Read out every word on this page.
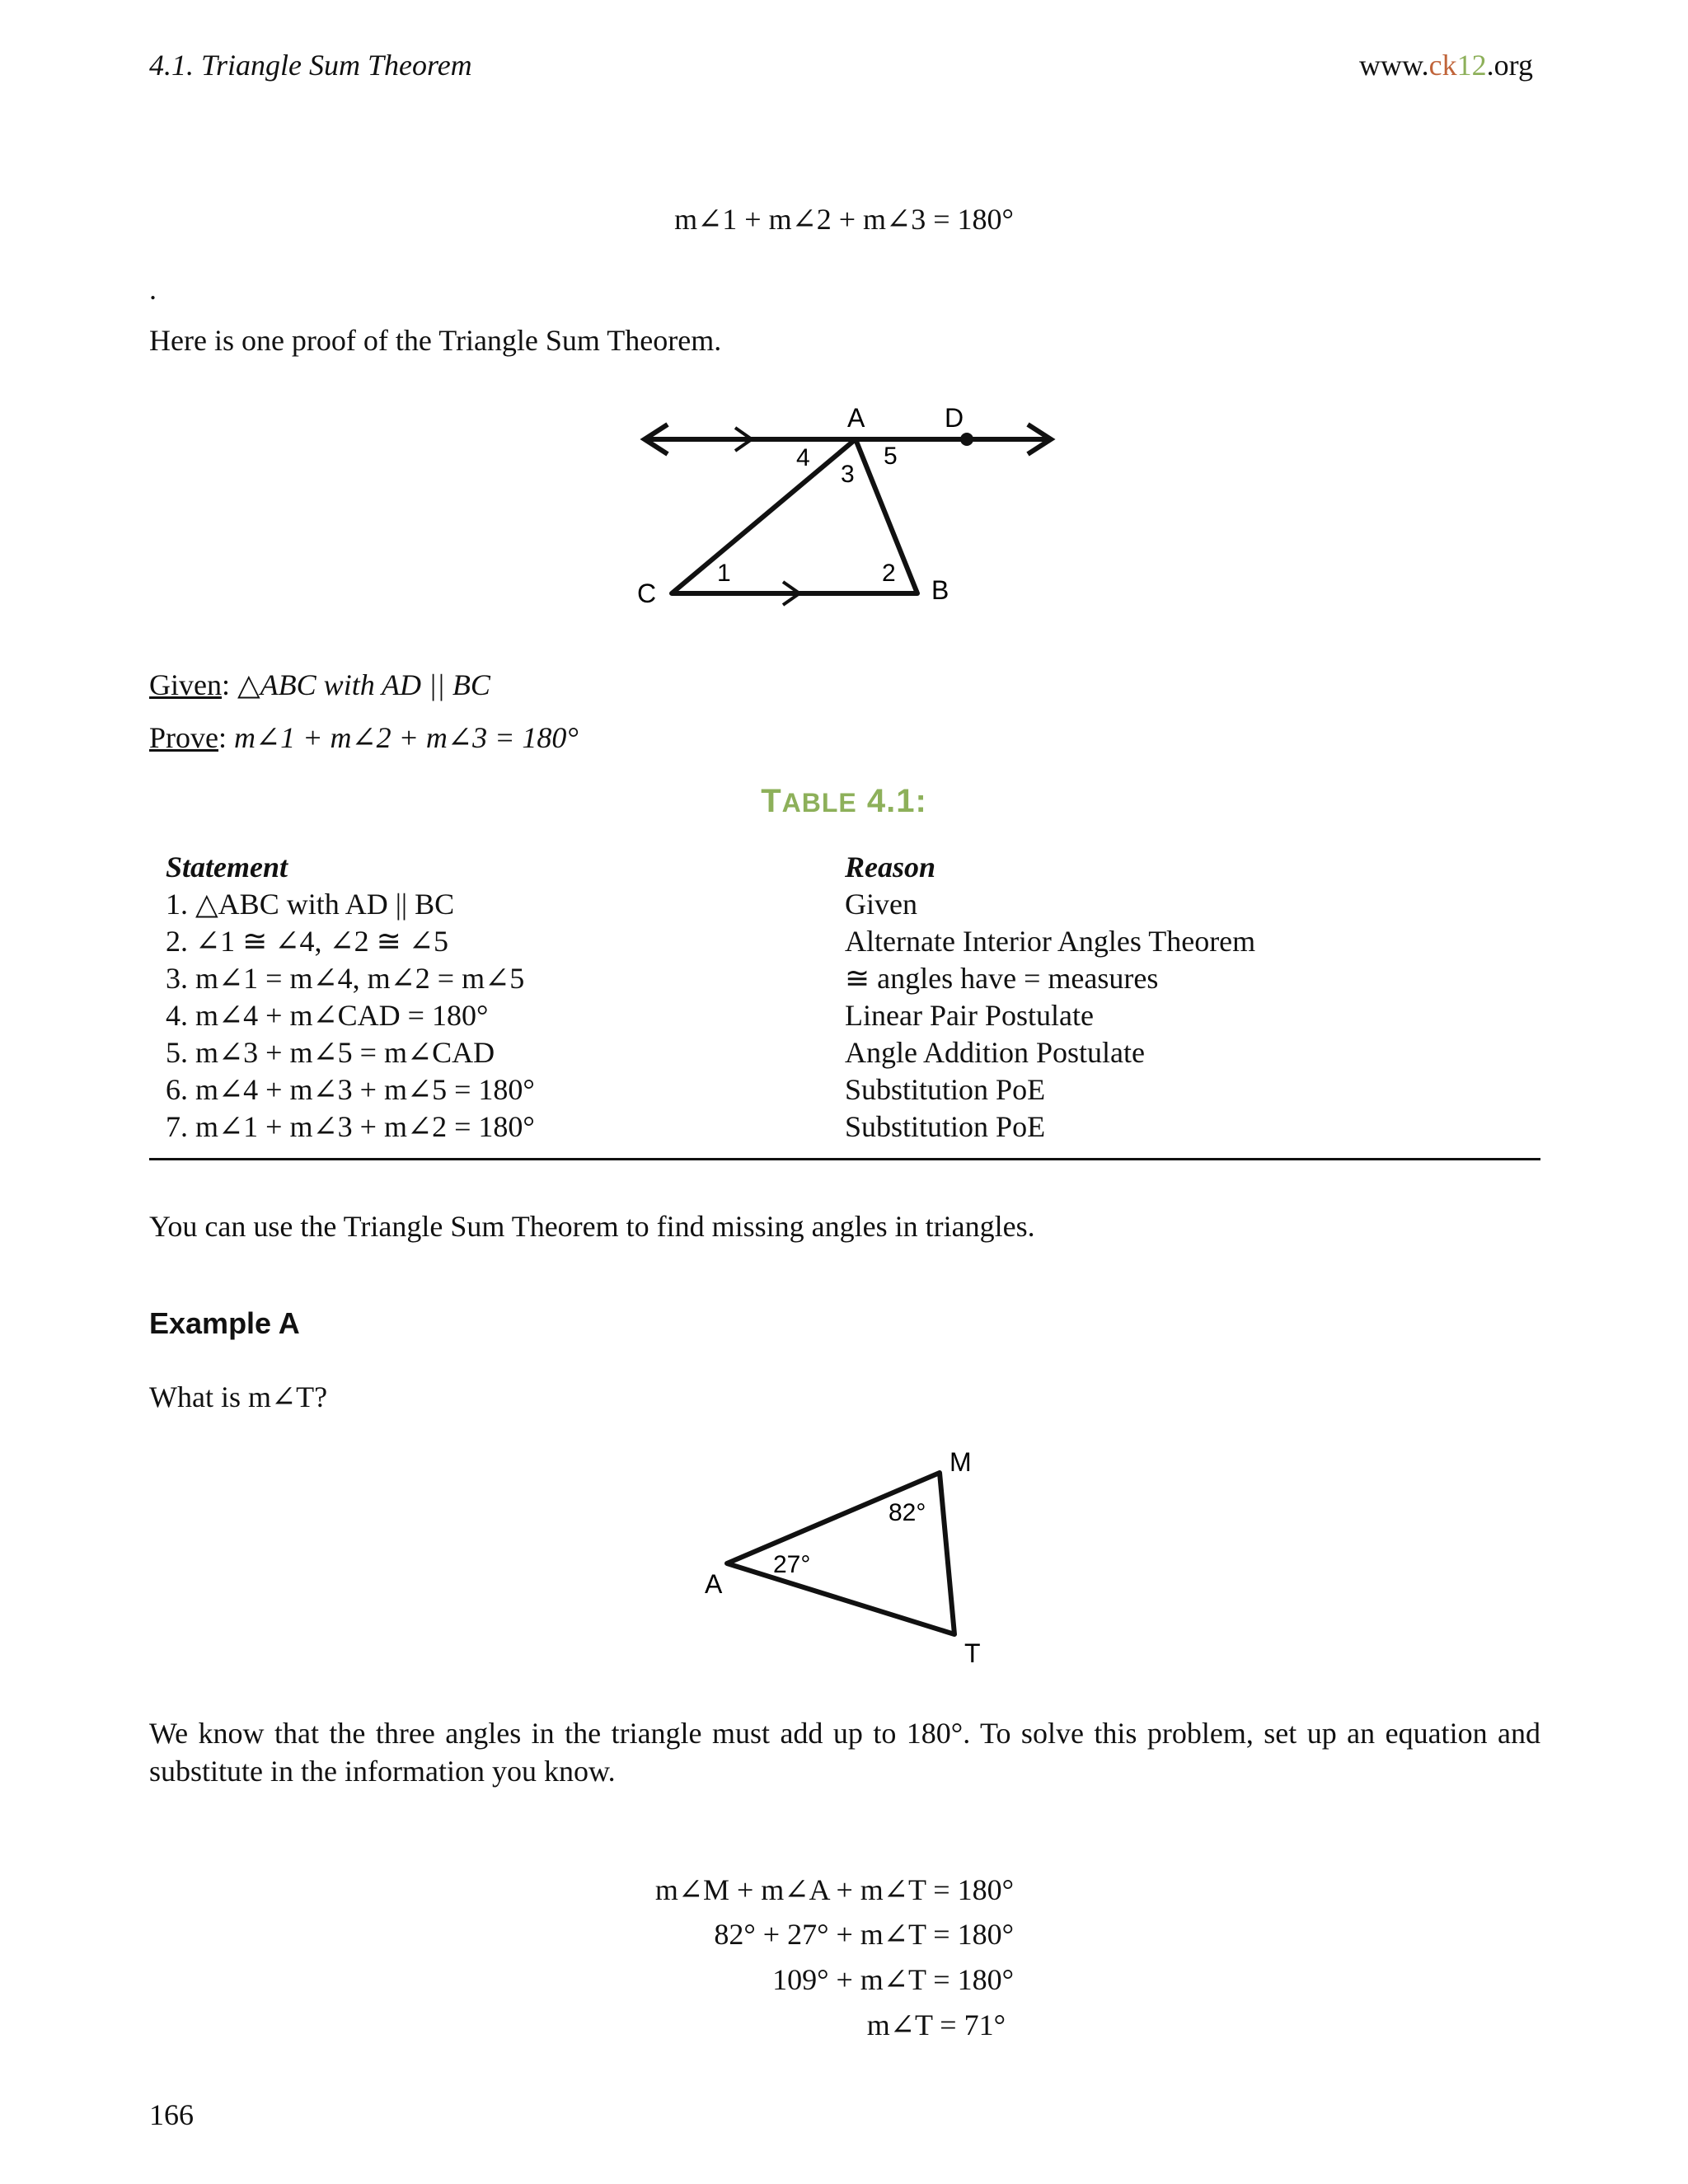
4.1. Triangle Sum Theorem	www.ck12.org
m∠1 + m∠2 + m∠3 = 180°
.
Here is one proof of the Triangle Sum Theorem.
A	D
C	B
4
3
5
1	2
Given: △ABC with AD || BC
Prove: m∠1 + m∠2 + m∠3 = 180°
TABLE 4.1:
Statement	Reason
1. △ABC with AD || BC	Given
2. ∠1 ≅ ∠4, ∠2 ≅ ∠5	Alternate Interior Angles Theorem
3. m∠1 = m∠4, m∠2 = m∠5	≅ angles have = measures
4. m∠4 + m∠CAD = 180°	Linear Pair Postulate
5. m∠3 + m∠5 = m∠CAD	Angle Addition Postulate
6. m∠4 + m∠3 + m∠5 = 180°	Substitution PoE
7. m∠1 + m∠3 + m∠2 = 180°	Substitution PoE
You can use the Triangle Sum Theorem to find missing angles in triangles.
Example A
What is m∠T?
M
A
T
82°
27°
We know that the three angles in the triangle must add up to 180°. To solve this problem, set up an equation and substitute in the information you know.
m∠M + m∠A + m∠T = 180°
82° + 27° + m∠T = 180°
109° + m∠T = 180°
m∠T = 71°
166
